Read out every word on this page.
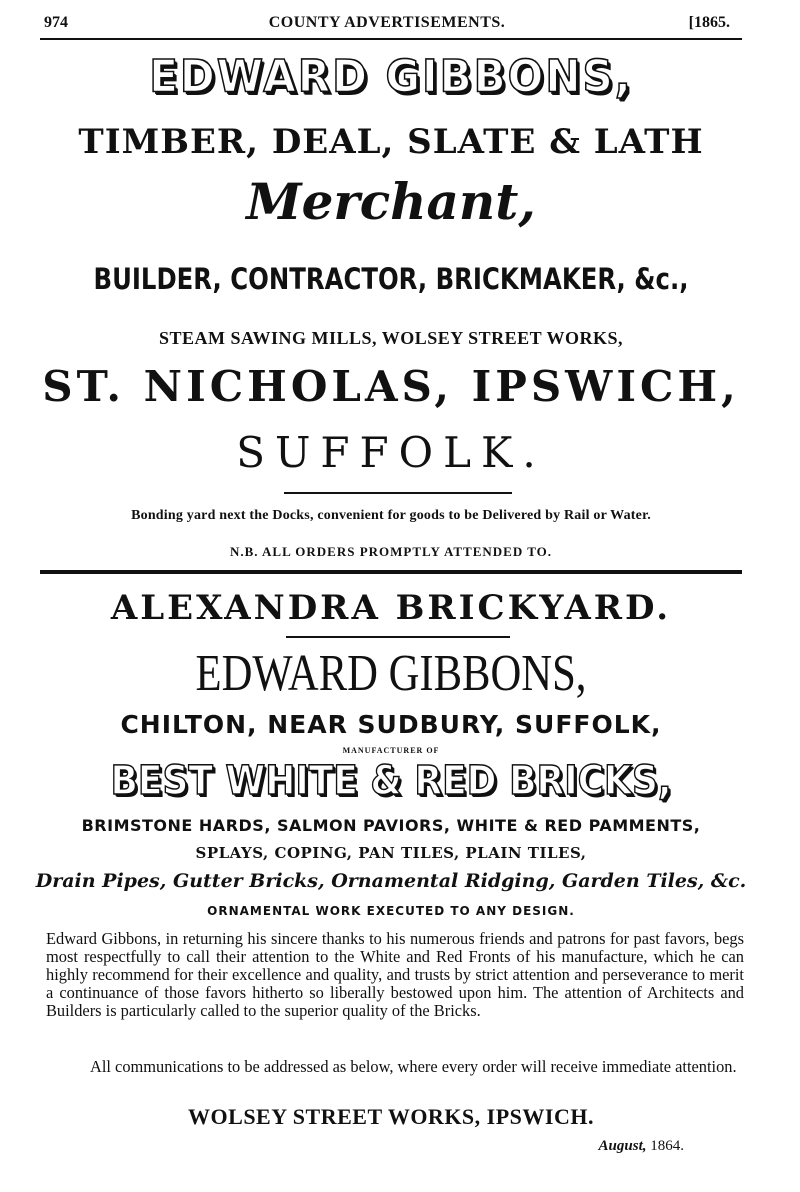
974	COUNTY ADVERTISEMENTS.	[1865.
EDWARD GIBBONS,
TIMBER, DEAL, SLATE & LATH
Merchant,
BUILDER, CONTRACTOR, BRICKMAKER, &c.,
STEAM SAWING MILLS, WOLSEY STREET WORKS,
ST. NICHOLAS, IPSWICH,
SUFFOLK.
Bonding yard next the Docks, convenient for goods to be Delivered by Rail or Water.
N.B. ALL ORDERS PROMPTLY ATTENDED TO.
ALEXANDRA BRICKYARD.
EDWARD GIBBONS,
CHILTON, NEAR SUDBURY, SUFFOLK,
MANUFACTURER OF
BEST WHITE & RED BRICKS,
BRIMSTONE HARDS, SALMON PAVIORS, WHITE & RED PAMMENTS,
SPLAYS, COPING, PAN TILES, PLAIN TILES,
Drain Pipes, Gutter Bricks, Ornamental Ridging, Garden Tiles, &c.
ORNAMENTAL WORK EXECUTED TO ANY DESIGN.
Edward Gibbons, in returning his sincere thanks to his numerous friends and patrons for past favors, begs most respectfully to call their attention to the White and Red Fronts of his manufacture, which he can highly recommend for their excellence and quality, and trusts by strict attention and perseverance to merit a continuance of those favors hitherto so liberally bestowed upon him. The attention of Architects and Builders is particularly called to the superior quality of the Bricks.
All communications to be addressed as below, where every order will receive immediate attention.
WOLSEY STREET WORKS, IPSWICH.
August, 1864.
